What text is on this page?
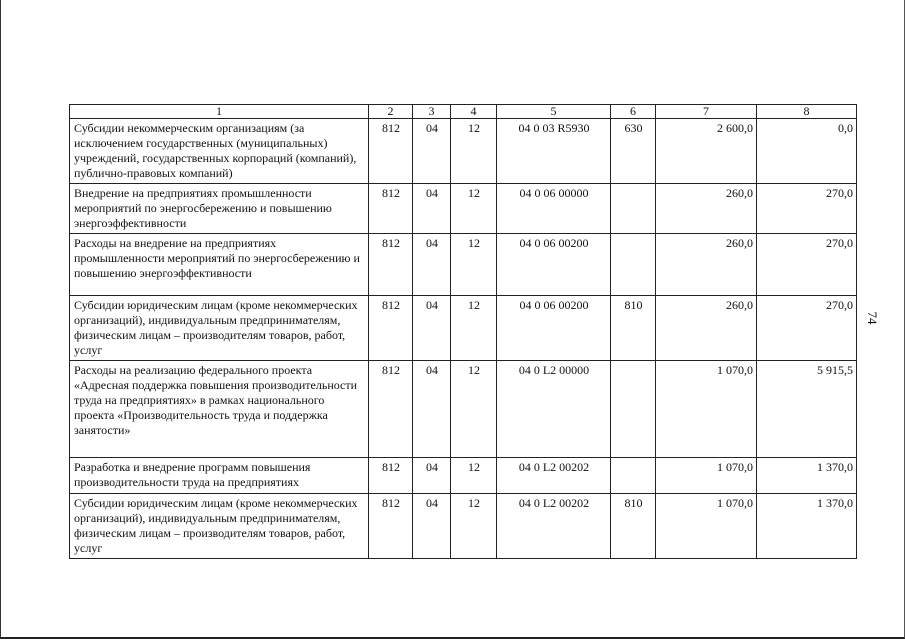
1	2	3	4	5	6	7	8
Субсидии некоммерческим организациям (за исключением государственных (муниципальных) учреждений, государственных корпораций (компаний), публично-правовых компаний)	812	04	12	04 0 03 R5930	630	2 600,0	0,0
Внедрение на предприятиях промышленности мероприятий по энергосбережению и повышению энергоэффективности	812	04	12	04 0 06 00000		260,0	270,0
Расходы на внедрение на предприятиях промышленности мероприятий по энергосбережению и повышению энергоэффективности	812	04	12	04 0 06 00200		260,0	270,0
Субсидии юридическим лицам (кроме некоммерческих организаций), индивидуальным предпринимателям, физическим лицам – производителям товаров, работ, услуг	812	04	12	04 0 06 00200	810	260,0	270,0
Расходы на реализацию федерального проекта «Адресная поддержка повышения производительности труда на предприятиях» в рамках национального проекта «Производительность труда и поддержка занятости»	812	04	12	04 0 L2 00000		1 070,0	5 915,5
Разработка и внедрение программ повышения производительности труда на предприятиях	812	04	12	04 0 L2 00202		1 070,0	1 370,0
Субсидии юридическим лицам (кроме некоммерческих организаций), индивидуальным предпринимателям, физическим лицам – производителям товаров, работ, услуг	812	04	12	04 0 L2 00202	810	1 070,0	1 370,0
74
